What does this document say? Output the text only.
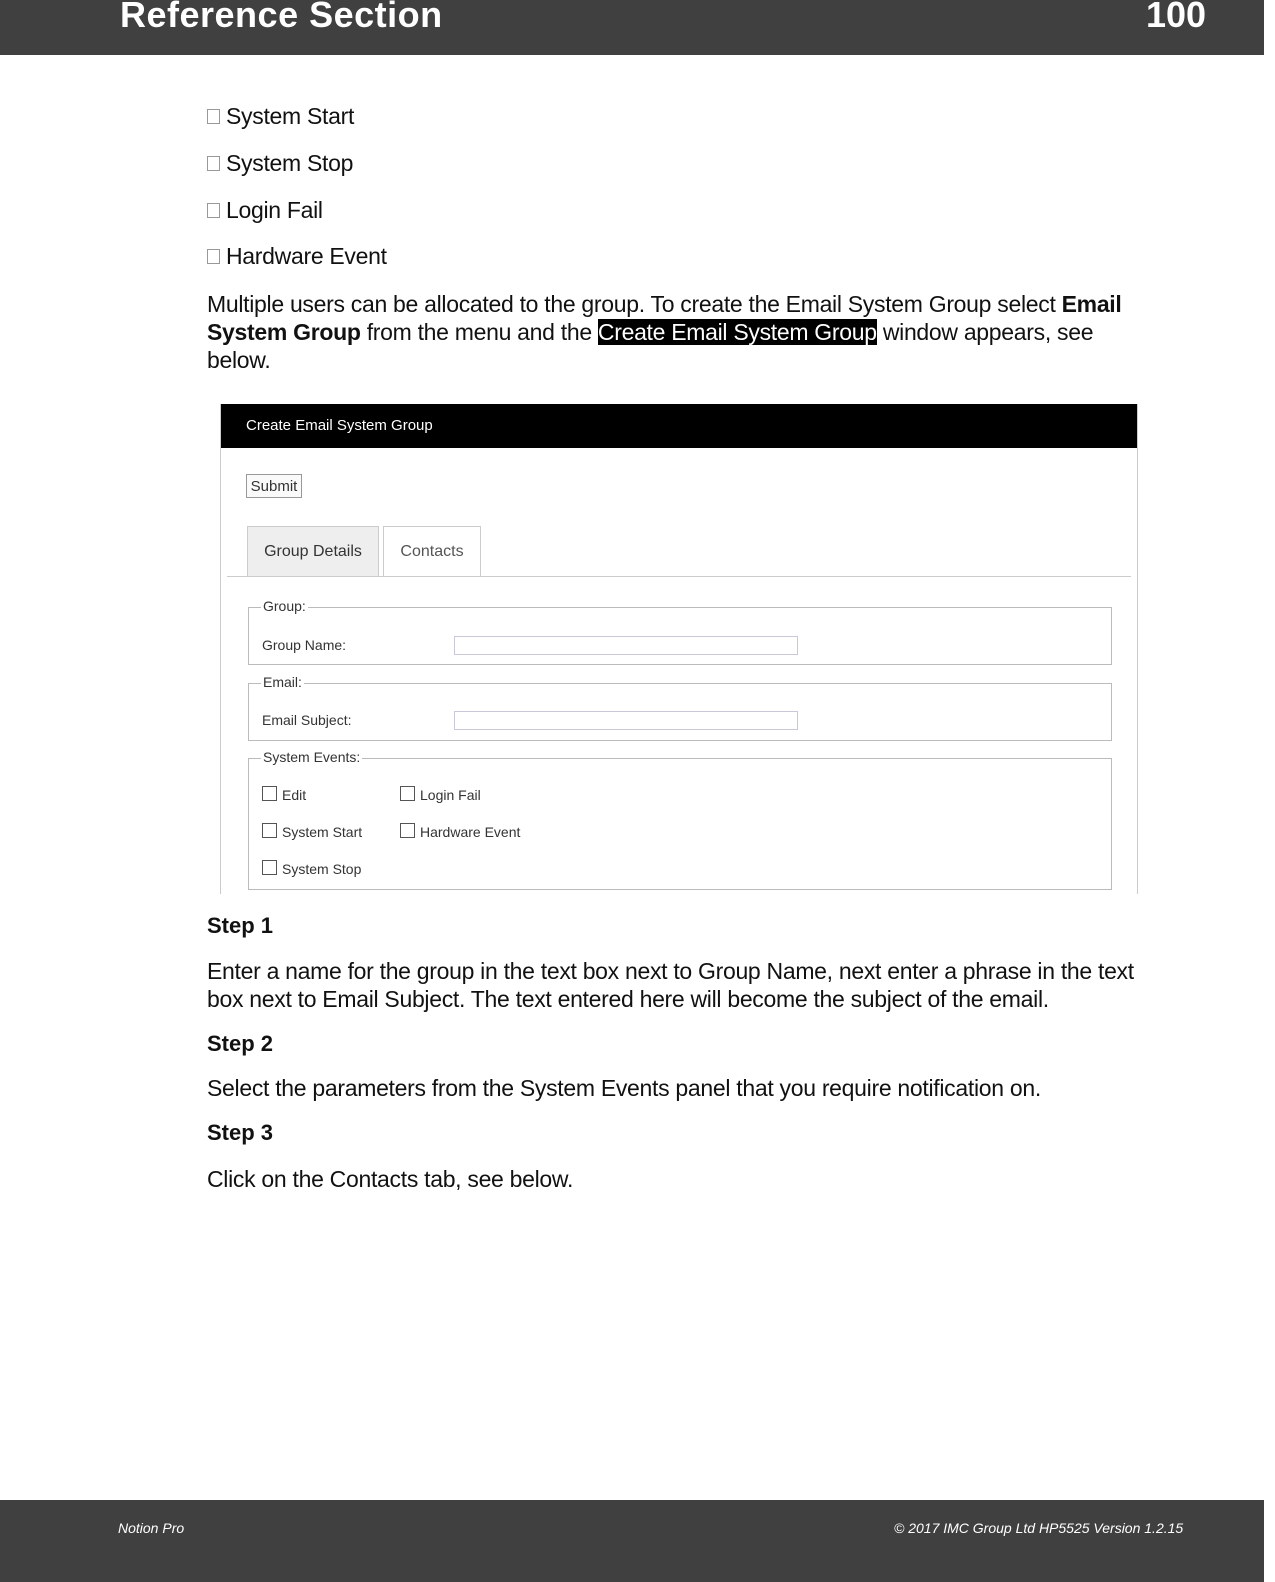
Reference Section	100
System Start
System Stop
Login Fail
Hardware Event
Multiple users can be allocated to the group. To create the Email System Group select Email System Group from the menu and the Create Email System Group window appears, see below.
Create Email System Group
Submit
Group Details	Contacts
Group:
Group Name:
Email:
Email Subject:
System Events:
Edit	Login Fail
System Start	Hardware Event
System Stop
Step 1
Enter a name for the group in the text box next to Group Name, next enter a phrase in the text box next to Email Subject. The text entered here will become the subject of the email.
Step 2
Select the parameters from the System Events panel that you require notification on.
Step 3
Click on the Contacts tab, see below.
Notion Pro	© 2017 IMC Group Ltd HP5525 Version 1.2.15
